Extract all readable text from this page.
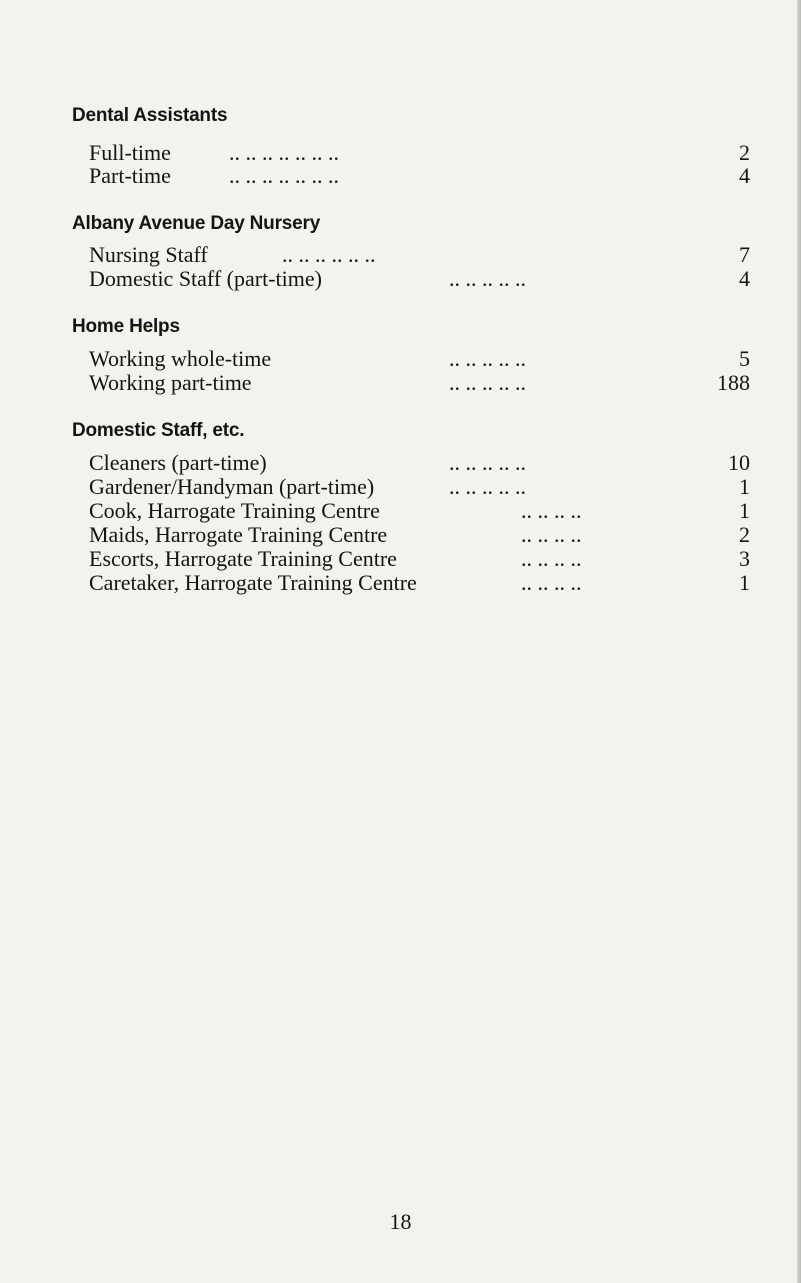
Dental Assistants
Full-time	.. .. .. .. .. .. ..	2
Part-time	.. .. .. .. .. .. ..	4
Albany Avenue Day Nursery
Nursing Staff	.. .. .. .. .. ..	7
Domestic Staff (part-time)	.. .. .. .. ..	4
Home Helps
Working whole-time	.. .. .. .. ..	5
Working part-time	.. .. .. .. ..	188
Domestic Staff, etc.
Cleaners (part-time)	.. .. .. .. ..	10
Gardener/Handyman (part-time)	.. .. .. .. ..	1
Cook, Harrogate Training Centre	.. .. .. ..	1
Maids, Harrogate Training Centre	.. .. .. ..	2
Escorts, Harrogate Training Centre	.. .. .. ..	3
Caretaker, Harrogate Training Centre	.. .. .. ..	1
18
